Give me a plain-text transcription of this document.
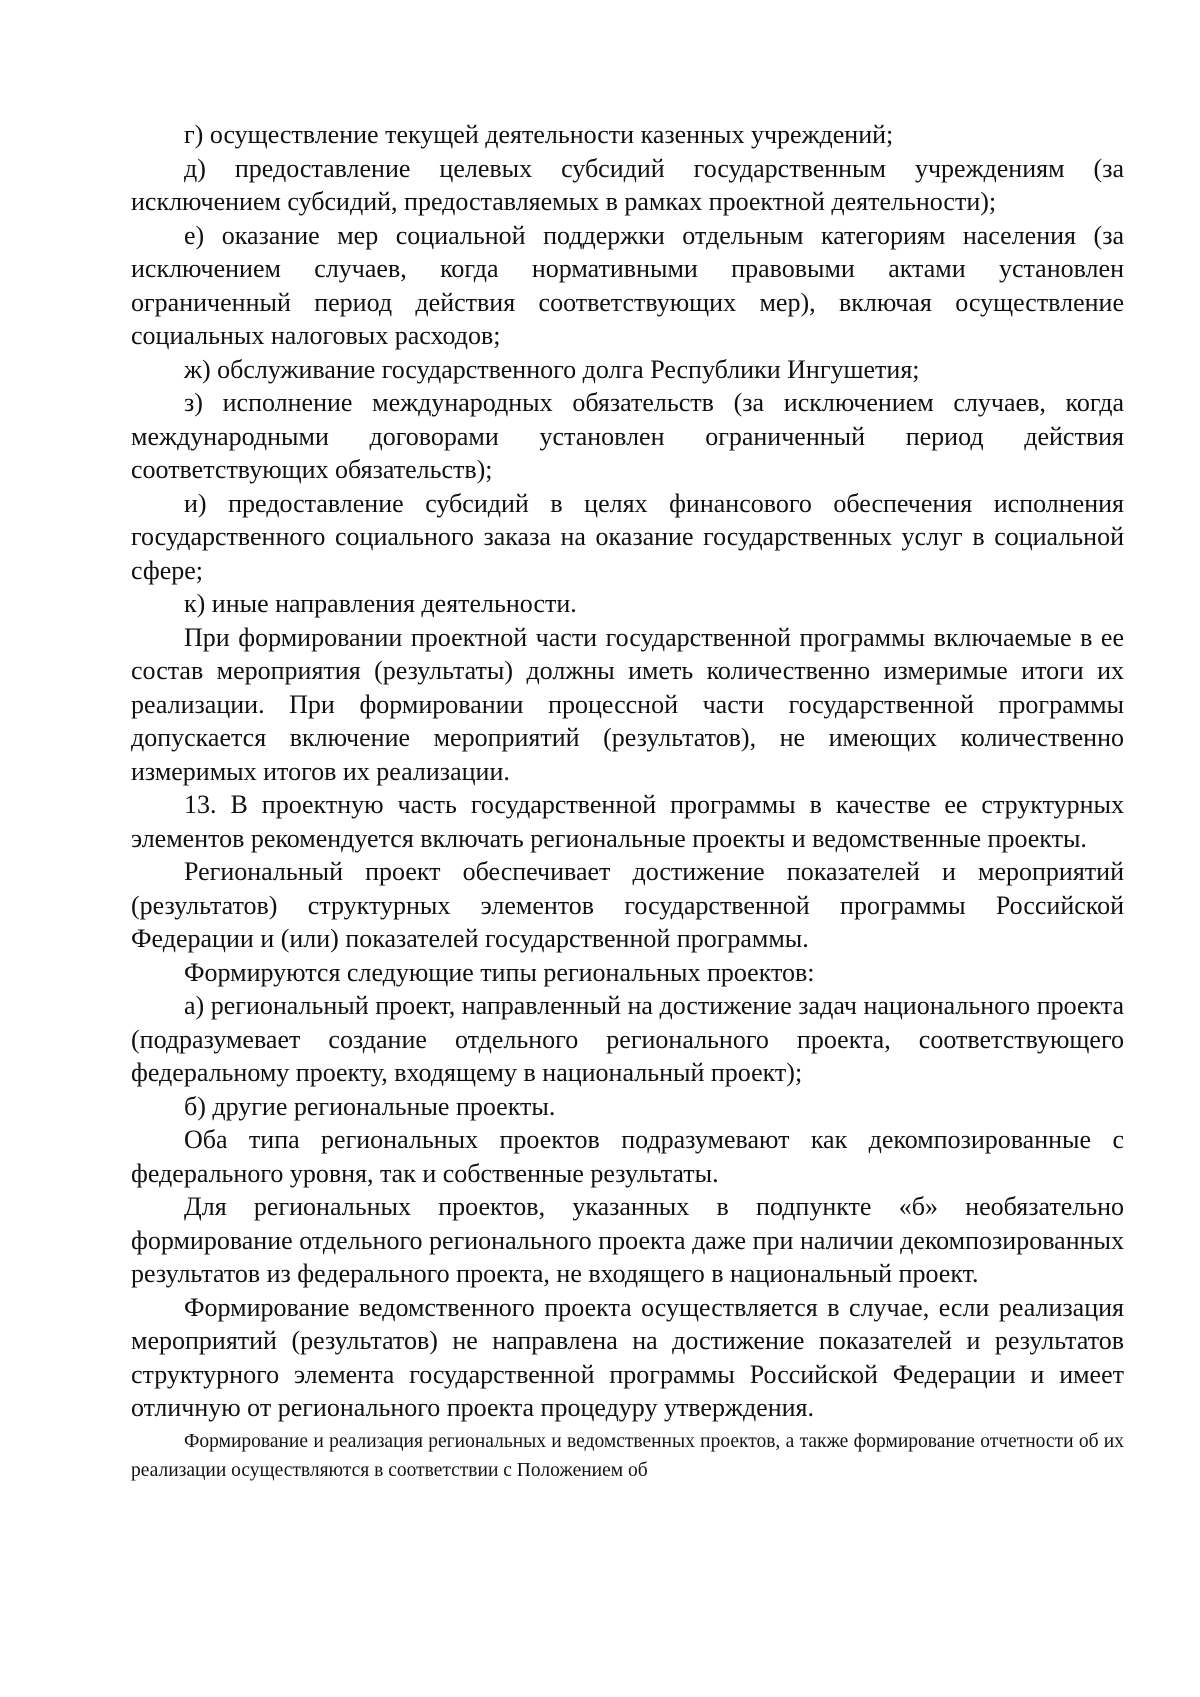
г) осуществление текущей деятельности казенных учреждений;

д) предоставление целевых субсидий государственным учреждениям (за исключением субсидий, предоставляемых в рамках проектной деятельности);

е) оказание мер социальной поддержки отдельным категориям населения (за исключением случаев, когда нормативными правовыми актами установлен ограниченный период действия соответствующих мер), включая осуществление социальных налоговых расходов;

ж) обслуживание государственного долга Республики Ингушетия;

з) исполнение международных обязательств (за исключением случаев, когда международными договорами установлен ограниченный период действия соответствующих обязательств);

и) предоставление субсидий в целях финансового обеспечения исполнения государственного социального заказа на оказание государственных услуг в социальной сфере;

к) иные направления деятельности.

При формировании проектной части государственной программы включаемые в ее состав мероприятия (результаты) должны иметь количественно измеримые итоги их реализации. При формировании процессной части государственной программы допускается включение мероприятий (результатов), не имеющих количественно измеримых итогов их реализации.

13. В проектную часть государственной программы в качестве ее структурных элементов рекомендуется включать региональные проекты и ведомственные проекты.

Региональный проект обеспечивает достижение показателей и мероприятий (результатов) структурных элементов государственной программы Российской Федерации и (или) показателей государственной программы.

Формируются следующие типы региональных проектов:

а) региональный проект, направленный на достижение задач национального проекта (подразумевает создание отдельного регионального проекта, соответствующего федеральному проекту, входящему в национальный проект);

б) другие региональные проекты.

Оба типа региональных проектов подразумевают как декомпозированные с федерального уровня, так и собственные результаты.

Для региональных проектов, указанных в подпункте «б» необязательно формирование отдельного регионального проекта даже при наличии декомпозированных результатов из федерального проекта, не входящего в национальный проект.

Формирование ведомственного проекта осуществляется в случае, если реализация мероприятий (результатов) не направлена на достижение показателей и результатов структурного элемента государственной программы Российской Федерации и имеет отличную от регионального проекта процедуру утверждения.

Формирование и реализация региональных и ведомственных проектов, а также формирование отчетности об их реализации осуществляются в соответствии с Положением об
